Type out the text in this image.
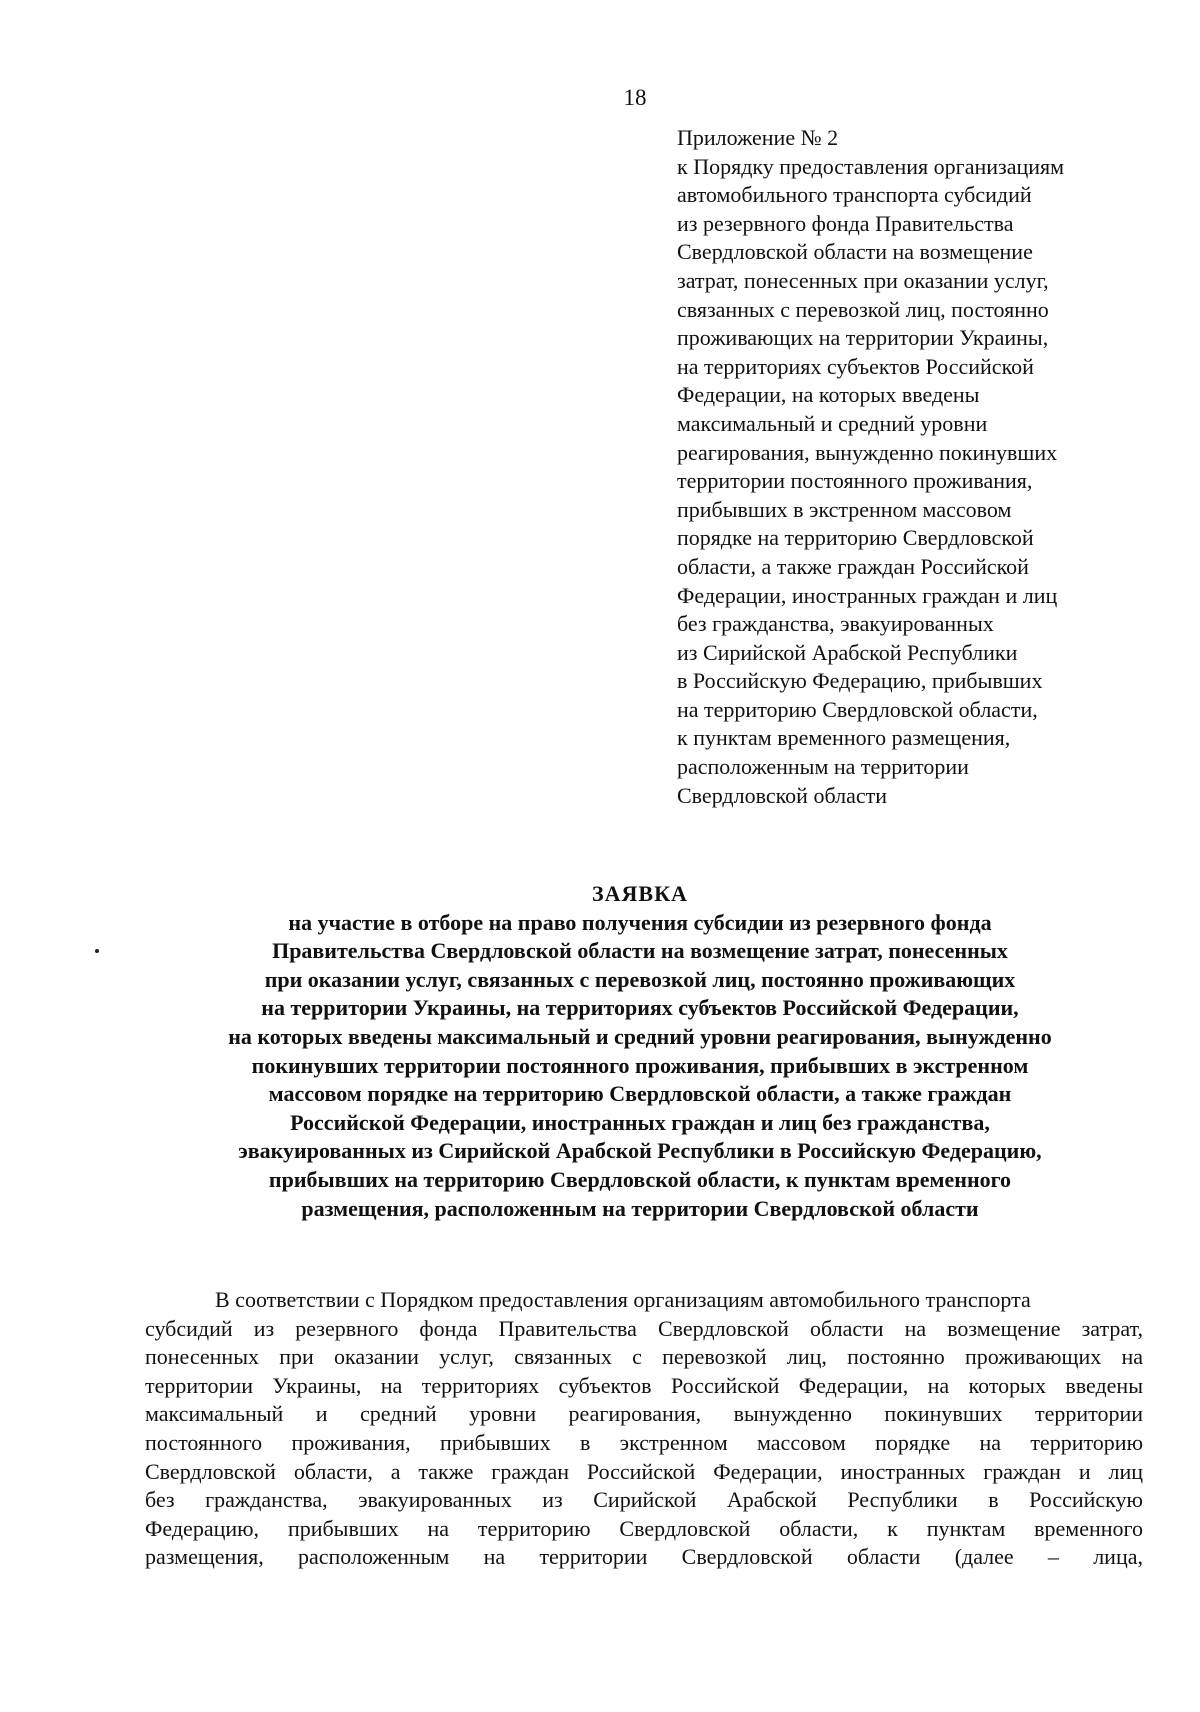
18
Приложение № 2
к Порядку предоставления организациям
автомобильного транспорта субсидий
из резервного фонда Правительства
Свердловской области на возмещение
затрат, понесенных при оказании услуг,
связанных с перевозкой лиц, постоянно
проживающих на территории Украины,
на территориях субъектов Российской
Федерации, на которых введены
максимальный и средний уровни
реагирования, вынужденно покинувших
территории постоянного проживания,
прибывших в экстренном массовом
порядке на территорию Свердловской
области, а также граждан Российской
Федерации, иностранных граждан и лиц
без гражданства, эвакуированных
из Сирийской Арабской Республики
в Российскую Федерацию, прибывших
на территорию Свердловской области,
к пунктам временного размещения,
расположенным на территории
Свердловской области
ЗАЯВКА
на участие в отборе на право получения субсидии из резервного фонда
Правительства Свердловской области на возмещение затрат, понесенных
при оказании услуг, связанных с перевозкой лиц, постоянно проживающих
на территории Украины, на территориях субъектов Российской Федерации,
на которых введены максимальный и средний уровни реагирования, вынужденно
покинувших территории постоянного проживания, прибывших в экстренном
массовом порядке на территорию Свердловской области, а также граждан
Российской Федерации, иностранных граждан и лиц без гражданства,
эвакуированных из Сирийской Арабской Республики в Российскую Федерацию,
прибывших на территорию Свердловской области, к пунктам временного
размещения, расположенным на территории Свердловской области
В соответствии с Порядком предоставления организациям автомобильного транспорта
субсидий из резервного фонда Правительства Свердловской области на возмещение затрат,
понесенных при оказании услуг, связанных с перевозкой лиц, постоянно проживающих на
территории Украины, на территориях субъектов Российской Федерации, на которых введены
максимальный и средний уровни реагирования, вынужденно покинувших территории
постоянного проживания, прибывших в экстренном массовом порядке на территорию
Свердловской области, а также граждан Российской Федерации, иностранных граждан и лиц
без гражданства, эвакуированных из Сирийской Арабской Республики в Российскую
Федерацию, прибывших на территорию Свердловской области, к пунктам временного
размещения, расположенным на территории Свердловской области (далее – лица,
